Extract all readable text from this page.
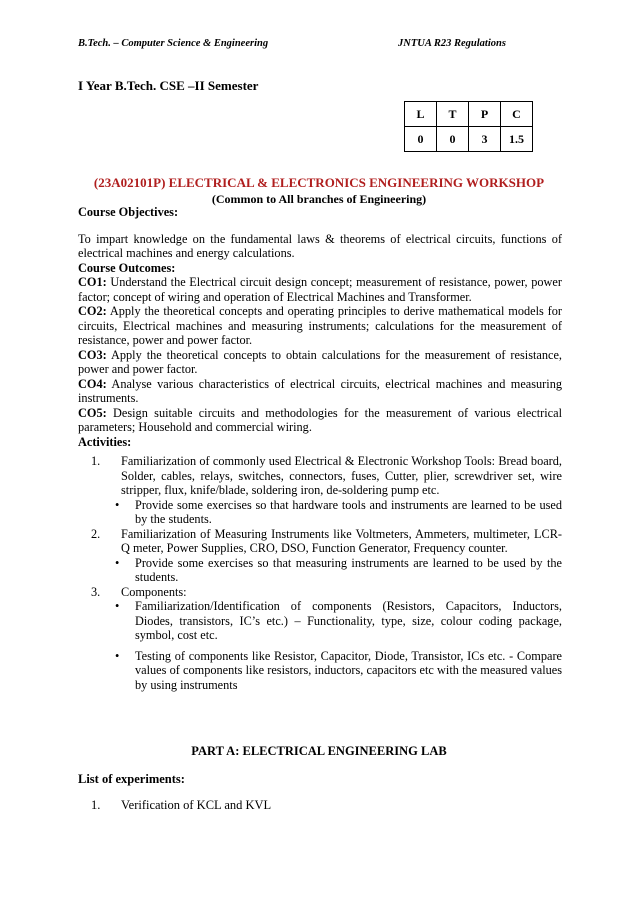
B.Tech. – Computer Science & Engineering	JNTUA R23 Regulations
I Year B.Tech. CSE –II Semester
L	T	P	C
0	0	3	1.5
(23A02101P) ELECTRICAL & ELECTRONICS ENGINEERING WORKSHOP
(Common to All branches of Engineering)
Course Objectives:

To impart knowledge on the fundamental laws & theorems of electrical circuits, functions of electrical machines and energy calculations.

Course Outcomes:

CO1: Understand the Electrical circuit design concept; measurement of resistance, power, power factor; concept of wiring and operation of Electrical Machines and Transformer.

CO2: Apply the theoretical concepts and operating principles to derive mathematical models for circuits, Electrical machines and measuring instruments; calculations for the measurement of resistance, power and power factor.

CO3: Apply the theoretical concepts to obtain calculations for the measurement of resistance, power and power factor.

CO4: Analyse various characteristics of electrical circuits, electrical machines and measuring instruments.

CO5: Design suitable circuits and methodologies for the measurement of various electrical parameters; Household and commercial wiring.

Activities:
1.	Familiarization of commonly used Electrical & Electronic Workshop Tools: Bread board, Solder, cables, relays, switches, connectors, fuses, Cutter, plier, screwdriver set, wire stripper, flux, knife/blade, soldering iron, de-soldering pump etc.
•	Provide some exercises so that hardware tools and instruments are learned to be used by the students.
2.	Familiarization of Measuring Instruments like Voltmeters, Ammeters, multimeter, LCR-Q meter, Power Supplies, CRO, DSO, Function Generator, Frequency counter.
•	Provide some exercises so that measuring instruments are learned to be used by the students.
3.	Components:
•	Familiarization/Identification of components (Resistors, Capacitors, Inductors, Diodes, transistors, IC’s etc.) – Functionality, type, size, colour coding package, symbol, cost etc.
•	Testing of components like Resistor, Capacitor, Diode, Transistor, ICs etc. - Compare values of components like resistors, inductors, capacitors etc with the measured values by using instruments
PART A: ELECTRICAL ENGINEERING LAB
List of experiments:
1.	Verification of KCL and KVL
